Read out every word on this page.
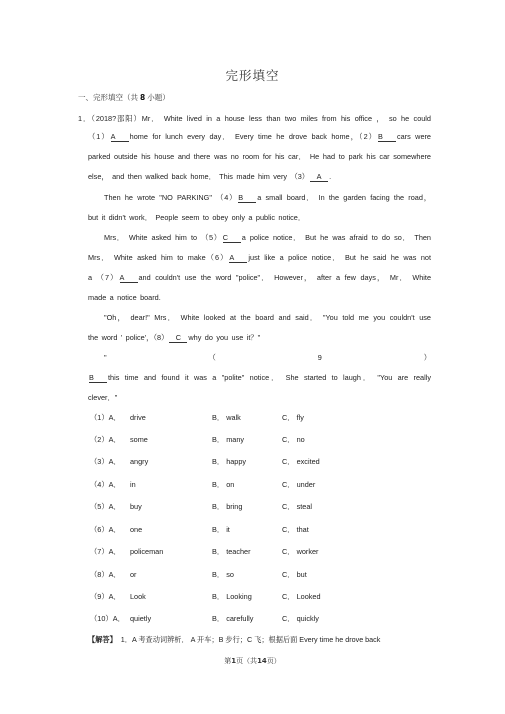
完形填空
一、完形填空（共 8 小题）
1．（2018?邵阳）Mr． White lived in a house less than two miles from his office ， so he could
（1）A home for lunch every day． Every time he drove back home，（2）B cars were
parked outside his house and there was no room for his car． He had to park his car somewhere
else， and then walked back home． This made him very （3） A .
Then he wrote "NO PARKING" （4）B a small board． In the garden facing the road，
but it didn't work． People seem to obey only a public notice．
Mrs． White asked him to （5）C a police notice． But he was afraid to do so． Then
Mrs． White asked him to make（6）A just like a police notice． But he said he was not
a （7）A and couldn't use the word "police"． However， after a few days， Mr． White
made a notice board.
"Oh， dear!" Mrs． White looked at the board and said． "You told me you couldn't use
the word ' police'，（8） C why do you use it？"
"（9）
B this time and found it was a "polite" notice． She started to laugh． "You are really
clever．"
（1）A． drive	B． walk	C． fly
（2）A． some	B． many	C． no
（3）A． angry	B． happy	C． excited
（4）A． in	B． on	C． under
（5）A． buy	B． bring	C． steal
（6）A． one	B． it	C． that
（7）A． policeman	B． teacher	C． worker
（8）A． or	B． so	C． but
（9）A． Look	B． Looking	C． Looked
（10）A． quietly	B． carefully	C． quickly
【解答】 1．A 考查动词辨析． A 开车；B 步行；C 飞；根据后面 Every time he drove back
第1页（共14页）
